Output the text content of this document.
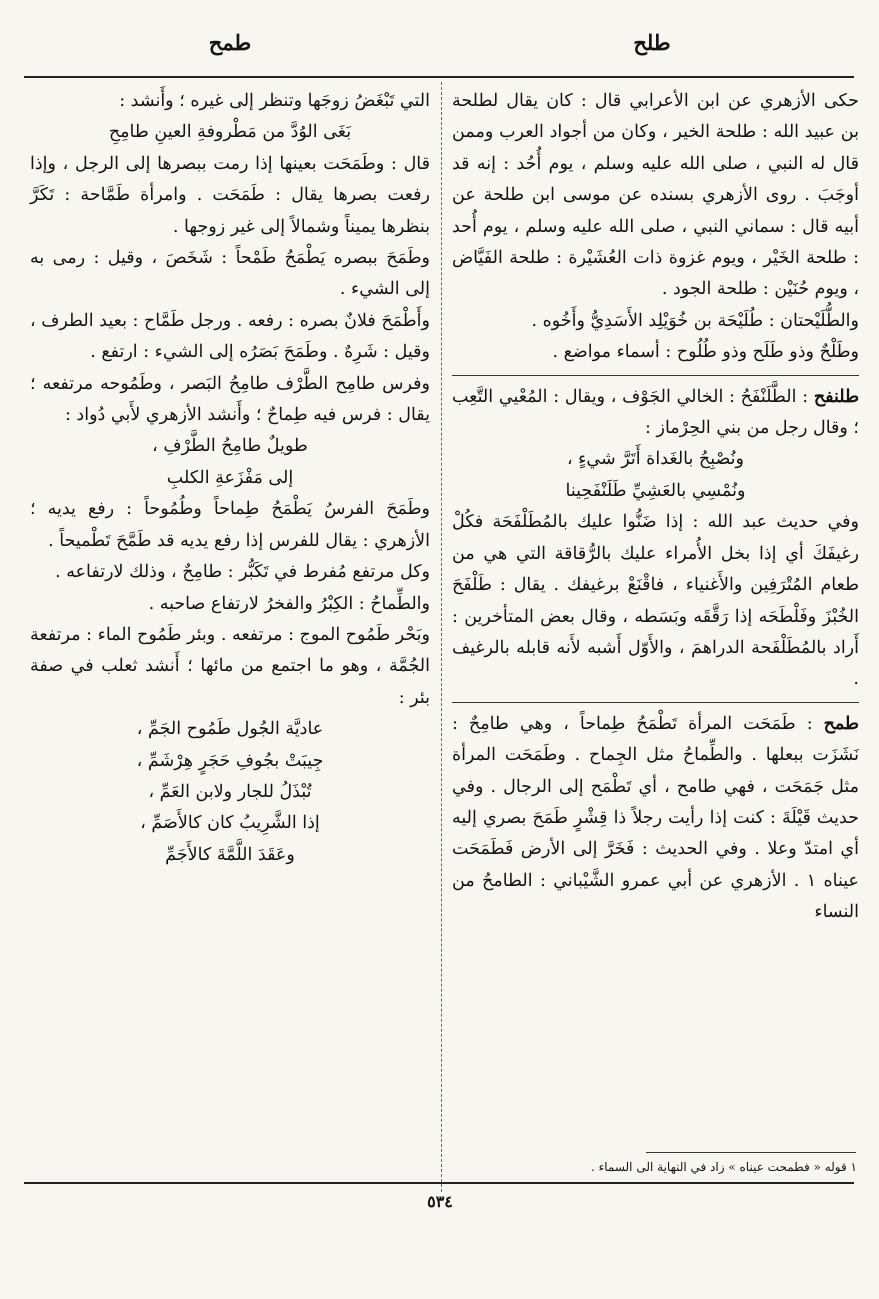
طلح
طمح

حكى الأزهري عن ابن الأعرابي قال : كان يقال لطلحة بن عبيد الله : طلحة الخير ، وكان من أجواد العرب وممن قال له النبي ، صلى الله عليه وسلم ، يوم أُحُد : إنه قد أوجَبَ . روى الأزهري بسنده عن موسى ابن طلحة عن أبيه قال : سماني النبي ، صلى الله عليه وسلم ، يوم أُحد : طلحة الخَيْر ، ويوم غزوة ذات العُشَيْرة : طلحة الفَيَّاض ، ويوم حُنَيْن : طلحة الجود .

والطُّلَيْحتان : طُلَيْحَة بن خُوَيْلِد الأَسَدِيُّ وأَخُوه .

وطَلْحٌ وذو طَلَح وذو طُلُوح : أسماء مواضع .

طلنفح : الطَّلَنْفَحُ : الخالي الجَوْف ، ويقال : المُعْيي التَّعِب ؛ وقال رجل من بني الحِرْماز :

ونُصْبِحُ بالغَداة أَتَرَّ شيءٍ ،

ونُمْسِي بالعَشِيِّ طَلَنْفَحِينا

وفي حديث عبد الله : إذا ضَنُّوا عليك بالمُطَلْفَحَة فكُلْ رغيفَكَ أي إذا بخل الأُمراء عليك بالرُّقاقة التي هي من طعام المُتْرَفِين والأَغنياء ، فاقْنَعْ برغيفك . يقال : طَلْفَحَ الخُبْزَ وفَلْطَحَه إذا رَقَّقَه وبَسَطه ، وقال بعض المتأخرين : أَراد بالمُطَلْفَحة الدراهمَ ، والأَوّل أَشبه لأَنه قابله بالرغيف .

طمح : طَمَحَت المرأة تَطْمَحُ طِماحاً ، وهي طامِحٌ : نَشَزَت ببعلها . والطِّماحُ مثل الجِماح . وطَمَحَت المرأة مثل جَمَحَت ، فهي طامح ، أي تَطْمَح إلى الرجال . وفي حديث قَيْلَةَ : كنت إذا رأيت رجلاً ذا قِشْرٍ طَمَحَ بصري إليه أي امتدّ وعلا . وفي الحديث : فَخَرَّ إلى الأرض فَطَمَحَت عيناه ١ . الأزهري عن أبي عمرو الشَّيْباني : الطامحُ من النساء

التي تَبْغَضُ زوجَها وتنظر إلى غيره ؛ وأَنشد :

بَغَى الوُدَّ من مَطْروفةِ العينِ طامِحِ

قال : وطَمَحَت بعينها إذا رمت ببصرها إلى الرجل ، وإذا رفعت بصرها يقال : طَمَحَت . وامرأة طَمَّاحة : تَكَرَّ بنظرها يميناً وشمالاً إلى غير زوجها .

وطَمَحَ ببصره يَطْمَحُ طَمْحاً : شَخَصَ ، وقيل : رمى به إلى الشيء .

وأَطْمَحَ فلانٌ بصره : رفعه . ورجل طَمَّاح : بعيد الطرف ، وقيل : شَرِهٌ . وطَمَحَ بَصَرُه إلى الشيء : ارتفع .

وفرس طامِح الطَّرْف طامِحُ البَصر ، وطَمُوحه مرتفعه ؛ يقال : فرس فيه طِماحٌ ؛ وأَنشد الأزهري لأَبي دُواد :

طويلٌ طامِحُ الطَّرْفِ ،

إلى مَفْزَعةِ الكلبِ

وطَمَحَ الفرسُ يَطْمَحُ طِماحاً وطُمُوحاً : رفع يديه ؛ الأزهري : يقال للفرس إذا رفع يديه قد طَمَّحَ تَطْميحاً .

وكل مرتفع مُفرط في تَكَبُّر : طامِحٌ ، وذلك لارتفاعه .

والطِّماحُ : الكِبْرُ والفخرُ لارتفاع صاحبه .

وبَحْر طَمُوح الموج : مرتفعه . وبئر طَمُوح الماء : مرتفعة الجُمَّة ، وهو ما اجتمع من مائها ؛ أَنشد ثعلب في صفة بئر :

عاديَّة الجُول طَمُوح الجَمِّ ،

جِيبَتْ بجُوفِ حَجَرٍ هِرْشَمِّ ،

تُبْذَلُ للجار ولابن العَمِّ ،

إذا الشَّرِيبُ كان كالأَصَمِّ ،

وعَقَدَ اللَّمَّةَ كالأَجَمِّ

١ قوله « فطمحت عيناه » زاد في النهاية الى السماء .
٥٣٤
